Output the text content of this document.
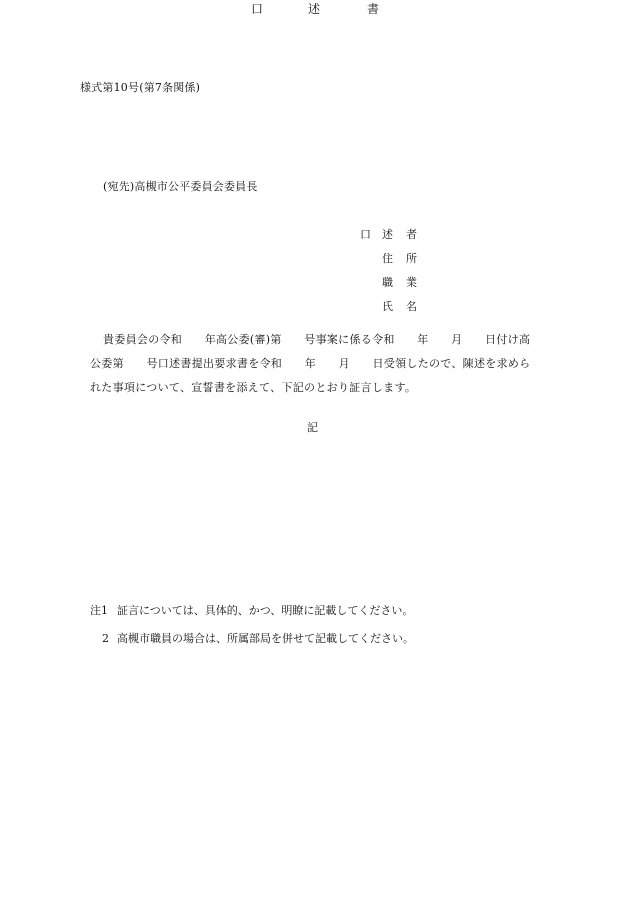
様式第10号(第7条関係)
口	述	書
(宛先)高槻市公平委員会委員長
口 述 者
住 所
職 業
氏 名
貴委員会の令和　　年高公委(審)第　　号事案に係る令和　　年　　月　　日付け高
公委第　　号口述書提出要求書を令和　　年　　月　　日受領したので、陳述を求めら
れた事項について、宣誓書を添えて、下記のとおり証言します。
記
注1 証言については、具体的、かつ、明瞭に記載してください。
2 高槻市職員の場合は、所属部局を併せて記載してください。
